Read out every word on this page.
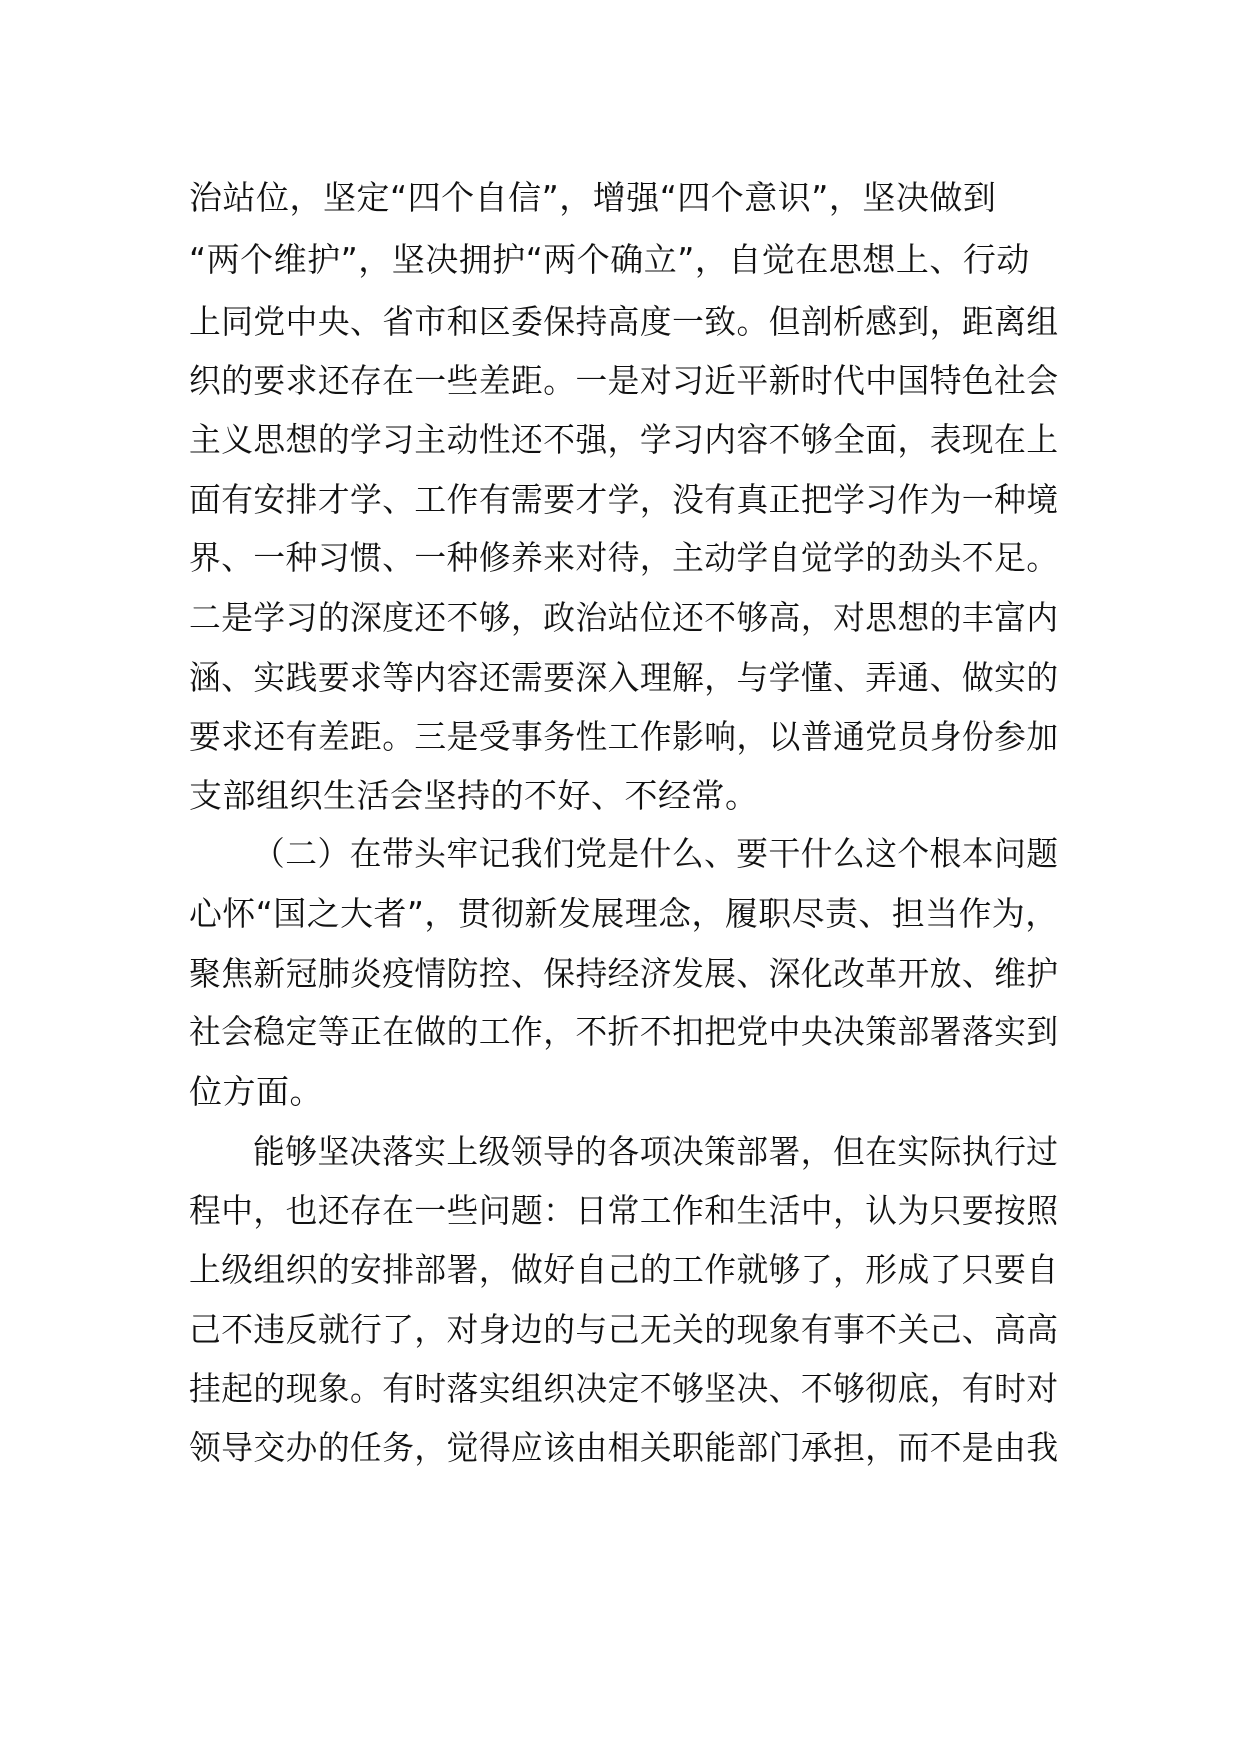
治站位，坚定“四个自信”，增强“四个意识”，坚决做到
“两个维护”，坚决拥护“两个确立”，自觉在思想上、行动
上同党中央、省市和区委保持高度一致。但剖析感到，距离组
织的要求还存在一些差距。一是对习近平新时代中国特色社会
主义思想的学习主动性还不强，学习内容不够全面，表现在上
面有安排才学、工作有需要才学，没有真正把学习作为一种境
界、一种习惯、一种修养来对待，主动学自觉学的劲头不足。
二是学习的深度还不够，政治站位还不够高，对思想的丰富内
涵、实践要求等内容还需要深入理解，与学懂、弄通、做实的
要求还有差距。三是受事务性工作影响，以普通党员身份参加
支部组织生活会坚持的不好、不经常。
（二）在带头牢记我们党是什么、要干什么这个根本问题
心怀“国之大者”，贯彻新发展理念，履职尽责、担当作为，
聚焦新冠肺炎疫情防控、保持经济发展、深化改革开放、维护
社会稳定等正在做的工作，不折不扣把党中央决策部署落实到
位方面。
能够坚决落实上级领导的各项决策部署，但在实际执行过
程中，也还存在一些问题：日常工作和生活中，认为只要按照
上级组织的安排部署，做好自己的工作就够了，形成了只要自
己不违反就行了，对身边的与己无关的现象有事不关己、高高
挂起的现象。有时落实组织决定不够坚决、不够彻底，有时对
领导交办的任务，觉得应该由相关职能部门承担，而不是由我
